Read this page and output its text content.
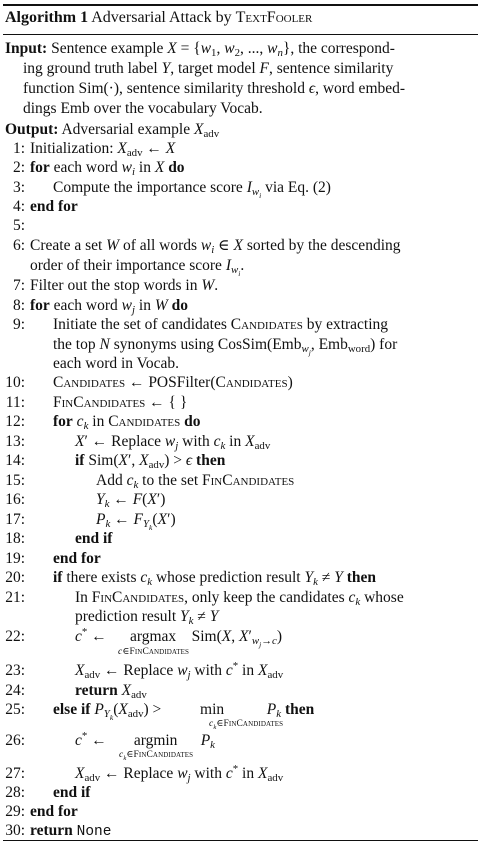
Algorithm 1 Adversarial Attack by TextFooler
Input: Sentence example $X = \{w_1$, $w_2$, ..., $w_n$}, the correspond-
ing ground truth label Y, target model F, sentence similarity
function Sim(·), sentence similarity threshold ϵ, word embed-
dings Emb over the vocabulary Vocab.
Output: Adversarial example $X_{adv}$
1: Initialization: $X_{adv}$ ← X
2: for each word $w_i$ in X do
3: Compute the importance score $I_{w_i}$ via Eq. (2)
4: end for
5:
6: Create a set W of all words $w_i$ ∈ X sorted by the descending
order of their importance score $I_{w_i}$.
7: Filter out the stop words in W.
8: for each word $w_j$ in W do
9: Initiate the set of candidates Candidates by extracting
the top N synonyms using CosSim(Emb$_{w_j}$, Emb$_{word}$) for
each word in Vocab.
10: Candidates ← POSFilter(Candidates)
11: FinCandidates ← { }
12: for $c_k$ in Candidates do
13:	X′ ← Replace $w_j$ with $c_k$ in $X_{adv}$
14:	if Sim(X′, $X_{adv}) > \epsilon$ then
15:	Add $c_k$ to the set FinCandidates
16:	$Y_k$ ← F(X′)
17:	$P_k$ ← $F_{Y_k}(X')$
18:	end if
19: end for
20: if there exists $c_k$ whose prediction result $Y_k \ne Y$ then
21:	In FinCandidates, only keep the candidates $c_k$ whose
prediction result $Y_k \ne Y$
22:	c* ←      argmax    Sim(X, $X'_{w_j\to c}$)
c∈FinCandidates
23:	$X_{adv}$ ← Replace $w_j$ with c* in $X_{adv}$
24:	return $X_{adv}$
25: else if $P_{Y_k}(X_{adv})$ >          min           $P_k$ then
$c_k\in FinCandidates$
26:	c* ←       argmin      $P_k$
$c_k\in FinCandidates$
27:	$X_{adv}$ ← Replace $w_j$ with c* in $X_{adv}$
28: end if
29: end for
30: return None
